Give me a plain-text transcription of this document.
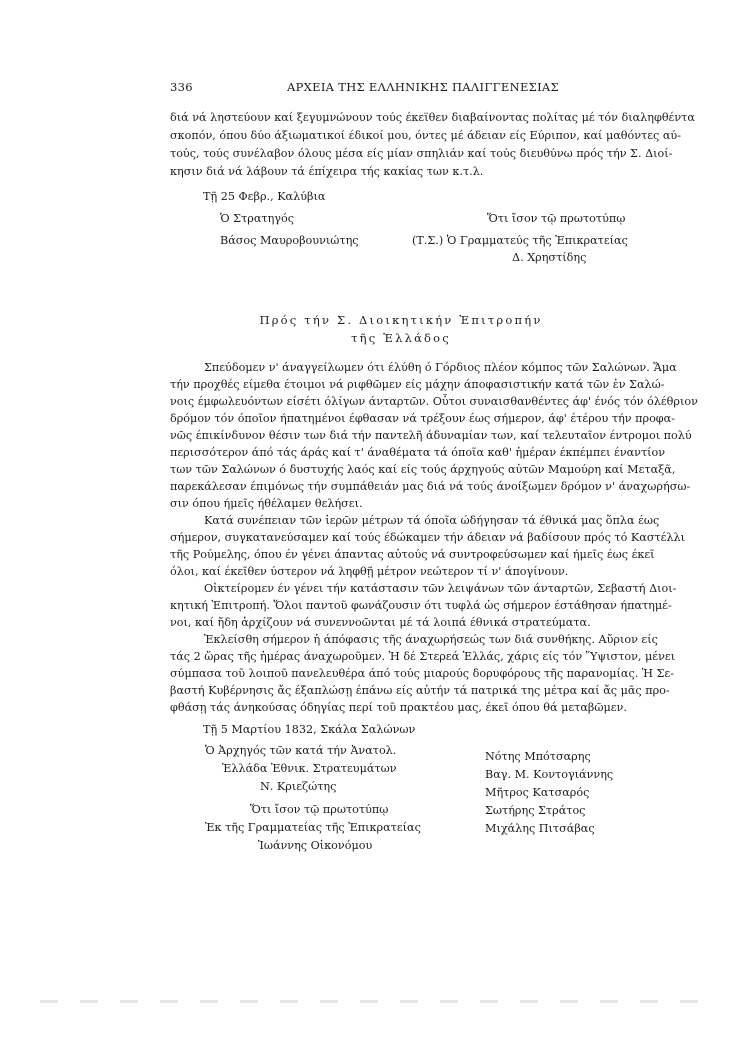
336	ΑΡΧΕΙΑ ΤΗΣ ΕΛΛΗΝΙΚΗΣ ΠΑΛΙΓΓΕΝΕΣΙΑΣ
διά νά ληστεύουν καί ξεγυμνώνουν τούς έκεϊθεν διαβαίνοντας πολίτας μέ τόν διαληφθέντα
σκοπόν, όπου δύο άξιωματικοί έδικοί μου, όντες μέ άδειαν είς Εύριπον, καί μαθόντες αύ-
τούς, τούς συνέλαβον όλους μέσα είς μίαν σπηλιάν καί τούς διευθύνω πρός τήν Σ. Διοί-
κησιν διά νά λάβουν τά έπίχειρα τής κακίας των κ.τ.λ.
Τῇ 25 Φεβρ., Καλύβια
Ὁ Στρατηγός
Βάσος Μαυροβουνιώτης
Ὅτι ἴσον τῷ πρωτοτύπῳ
(Τ.Σ.) Ὁ Γραμματεύς τῆς Ἐπικρατείας
Δ. Χρηστίδης
Πρός τήν Σ. Διοικητικήν Ἐπιτροπήν
τῆς Ἑλλάδος
Σπεύδομεν ν' άναγγείλωμεν ότι έλύθη ό Γόρδιος πλέον κόμπος τῶν Σαλώνων. Ἅμα
τήν προχθές είμεθα έτοιμοι νά ριφθῶμεν είς μάχην άποφασιστικήν κατά τῶν ἐν Σαλώ-
νοις έμφωλευόντων είσέτι όλίγων άνταρτῶν. Οὗτοι συναισθανθέντες άφ' ένός τόν όλέθριον
δρόμον τόν όποῖον ήπατημένοι έφθασαν νά τρέξουν έως σήμερον, άφ' έτέρου τήν προφα-
νῶς έπικίνδυνον θέσιν των διά τήν παντελῆ άδυναμίαν των, καί τελευταῖον έντρομοι πολύ
περισσότερον άπό τάς άράς καί τ' άναθέματα τά όποῖα καθ' ἡμέραν έκπέμπει έναντίον
των τῶν Σαλώνων ό δυστυχής λαός καί είς τούς άρχηγούς αὐτῶν Μαμούρη καί Μεταξᾶ,
παρεκάλεσαν έπιμόνως τήν συμπάθειάν μας διά νά τούς άνοίξωμεν δρόμον ν' άναχωρήσω-
σιν όπου ήμεῖς ήθέλαμεν θελήσει.
Κατά συνέπειαν τῶν ἱερῶν μέτρων τά όποῖα ώδήγησαν τά έθνικά μας ὅπλα έως
σήμερον, συγκατανεύσαμεν καί τούς έδώκαμεν τήν άδειαν νά βαδίσουν πρός τό Καστέλλι
τῆς Ρούμελης, όπου έν γένει άπαντας αὐτούς νά συντροφεύσωμεν καί ήμεῖς έως έκεῖ
όλοι, καί έκεῖθεν ύστερον νά ληφθῇ μέτρον νεώτερον τί ν' άπογίνουν.
Οἰκτείρομεν έν γένει τήν κατάστασιν τῶν λειψάνων τῶν άνταρτῶν, Σεβαστή Διοι-
κητική Ἐπιτροπή. Ὅλοι παντοῦ φωνάζουσιν ότι τυφλά ὡς σήμερον έστάθησαν ήπατημέ-
νοι, καί ἤδη ἀρχίζουν νά συνεννοῶνται μέ τά λοιπά έθνικά στρατεύματα.
Ἐκλείσθη σήμερον ἡ άπόφασις τῆς άναχωρήσεώς των διά συνθήκης. Αὔριον είς
τάς 2 ὥρας τῆς ἡμέρας άναχωροῦμεν. Ἡ δέ Στερεά Ἑλλάς, χάρις είς τόν Ὕψιστον, μένει
σύμπασα τοῦ λοιποῦ πανελευθέρα άπό τούς μιαρούς δορυφόρους τῆς παρανομίας. Ἡ Σε-
βαστή Κυβέρνησις ἄς έξαπλώσῃ έπάνω είς αὐτήν τά πατρικά της μέτρα καί ἄς μᾶς προ-
φθάσῃ τάς άνηκούσας όδηγίας περί τοῦ πρακτέου μας, έκεῖ όπου θά μεταβῶμεν.
Τῇ 5 Μαρτίου 1832, Σκάλα Σαλώνων
Ὁ Ἀρχηγός τῶν κατά τήν Ἀνατολ.
Ἑλλάδα Ἐθνικ. Στρατευμάτων
Ν. Κριεζώτης
Ὅτι ἴσον τῷ πρωτοτύπῳ
Ἐκ τῆς Γραμματείας τῆς Ἐπικρατείας
Ἰωάννης Οἰκονόμου
Νότης Μπότσαρης
Βαγ. Μ. Κοντογιάννης
Μῆτρος Κατσαρός
Σωτήρης Στράτος
Μιχάλης Πιτσάβας
